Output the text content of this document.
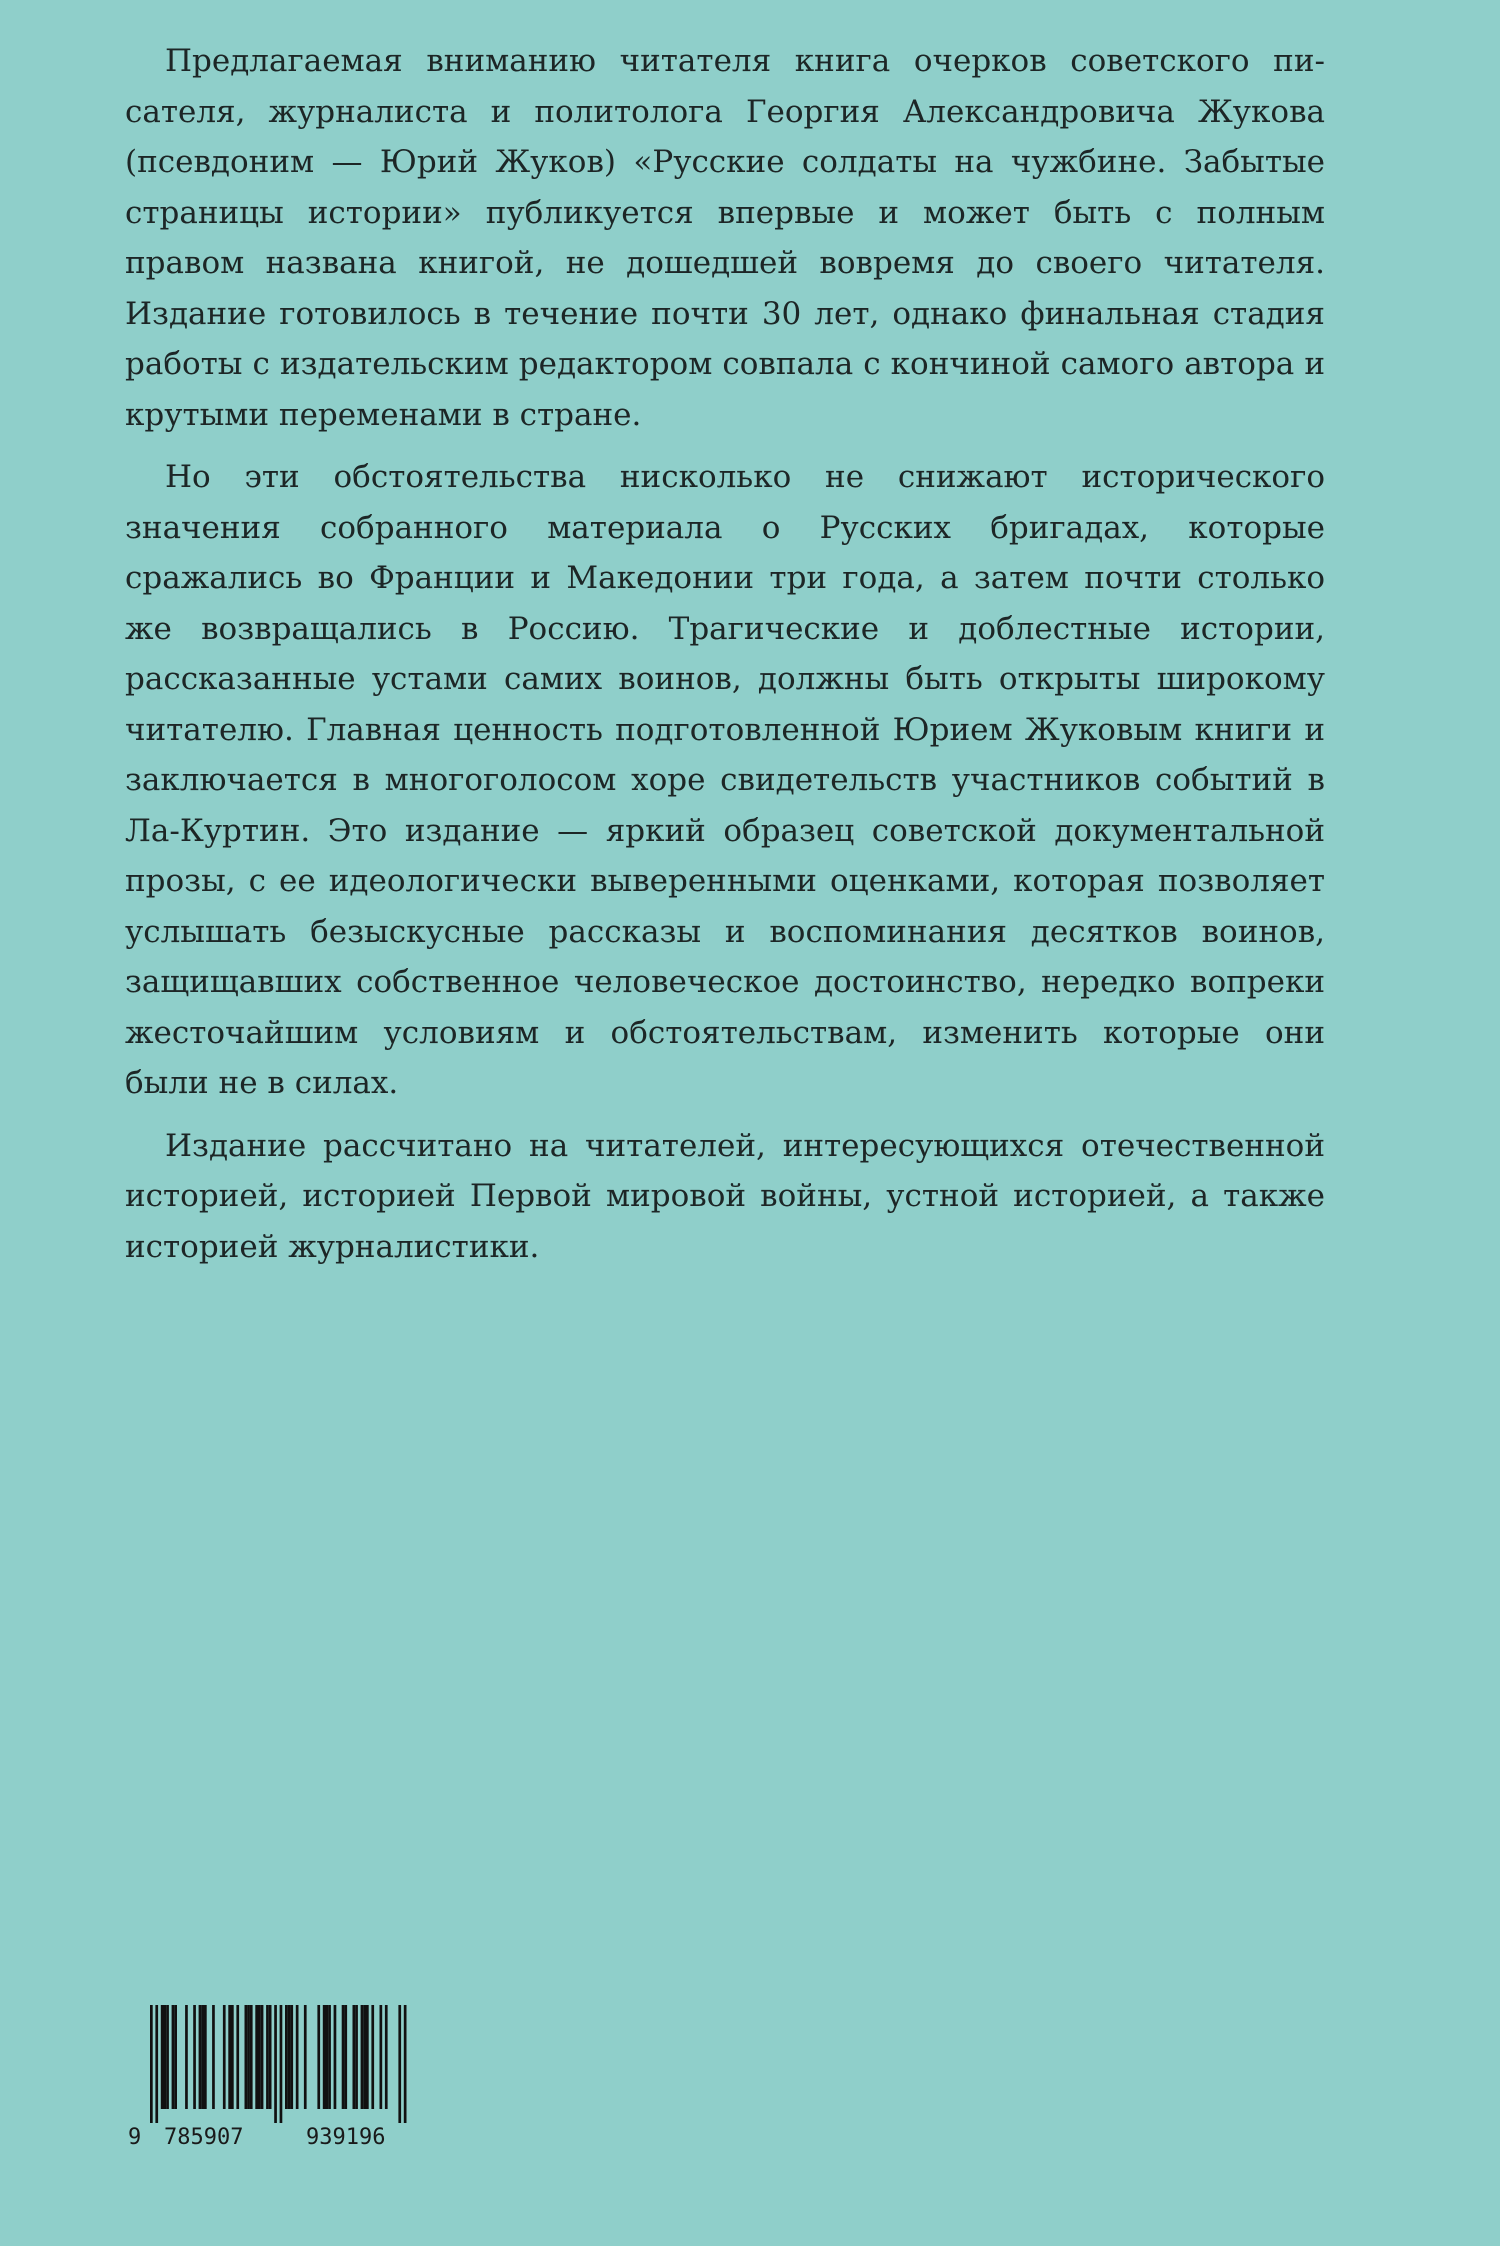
Предлагаемая вниманию читателя книга очерков советского писателя, журналиста и политолога Георгия Александровича Жукова (псевдоним — Юрий Жуков) «Русские солдаты на чужбине. Забытые страницы истории» публикуется впервые и может быть с полным правом названа книгой, не дошедшей вовремя до своего читателя. Издание готовилось в течение почти 30 лет, однако финальная стадия работы с издательским редактором совпала с кончиной самого автора и крутыми переменами в стране.

Но эти обстоятельства нисколько не снижают исторического значения собранного материала о Русских бригадах, которые сражались во Франции и Македонии три года, а затем почти столько же возвращались в Россию. Трагические и доблестные истории, рассказанные устами самих воинов, должны быть открыты широкому читателю. Главная ценность подготовленной Юрием Жуковым книги и заключается в многоголосом хоре свидетельств участников событий в Ла-Куртин. Это издание — яркий образец советской документальной прозы, с ее идеологически выверенными оценками, которая позволяет услышать безыскусные рассказы и воспоминания десятков воинов, защищавших собственное человеческое достоинство, нередко вопреки жесточайшим условиям и обстоятельствам, изменить которые они были не в силах.

Издание рассчитано на читателей, интересующихся отечественной историей, историей Первой мировой войны, устной историей, а также историей журналистики.

9 785907	939196
